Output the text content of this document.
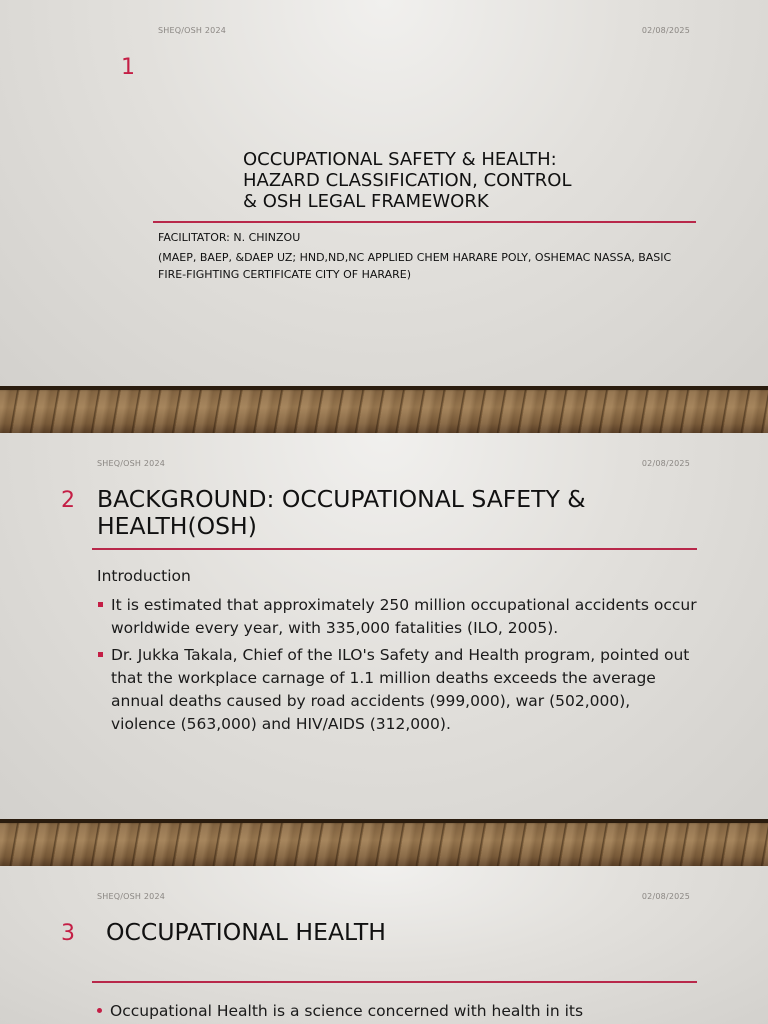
SHEQ/OSH 2024	02/08/2025
1
OCCUPATIONAL SAFETY & HEALTH:
HAZARD CLASSIFICATION, CONTROL
& OSH LEGAL FRAMEWORK
FACILITATOR: N. CHINZOU
(MAEP, BAEP, &DAEP UZ; HND,ND,NC APPLIED CHEM HARARE POLY, OSHEMAC NASSA, BASIC FIRE-FIGHTING CERTIFICATE CITY OF HARARE)
SHEQ/OSH 2024	02/08/2025
2 BACKGROUND: OCCUPATIONAL SAFETY & HEALTH(OSH)
Introduction
It is estimated that approximately 250 million occupational accidents occur worldwide every year, with 335,000 fatalities (ILO, 2005).
Dr. Jukka Takala, Chief of the ILO's Safety and Health program, pointed out that the workplace carnage of 1.1 million deaths exceeds the average annual deaths caused by road accidents (999,000), war (502,000), violence (563,000) and HIV/AIDS (312,000).
SHEQ/OSH 2024	02/08/2025
3 OCCUPATIONAL HEALTH
Occupational Health is a science concerned with health in its
